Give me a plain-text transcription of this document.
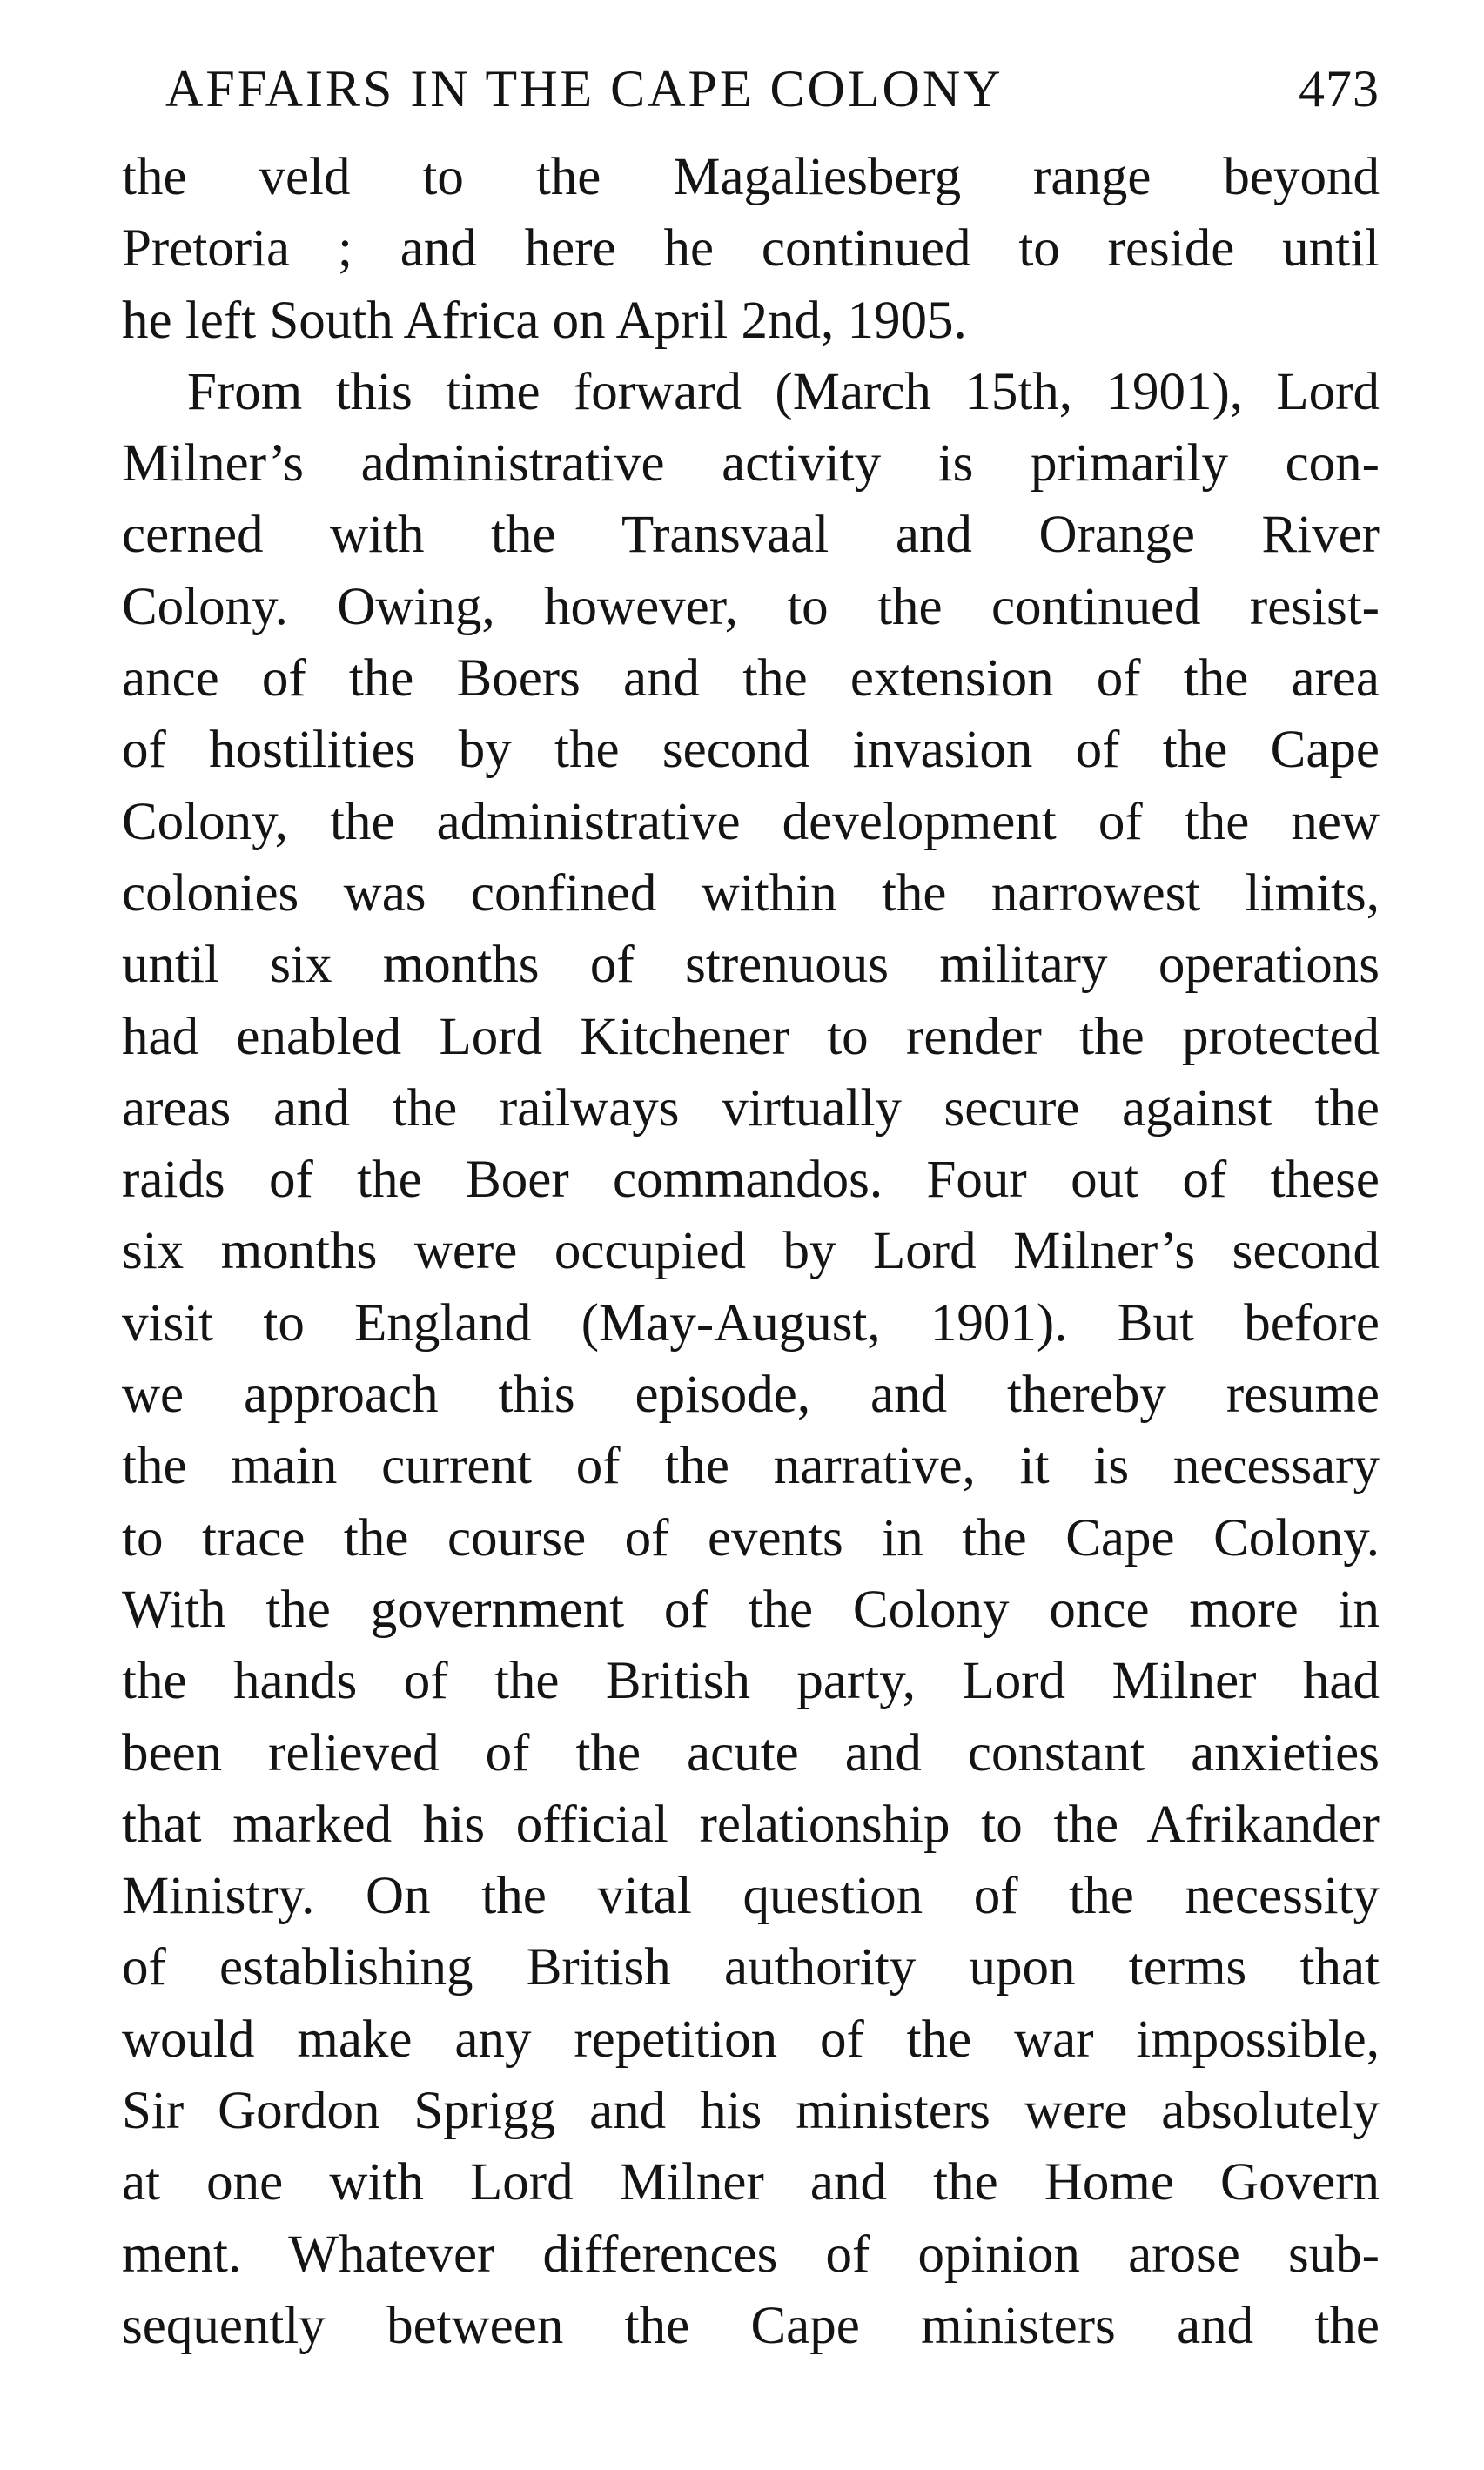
AFFAIRS IN THE CAPE COLONY	473
the veld to the Magaliesberg range beyond
Pretoria ; and here he continued to reside until
he left South Africa on April 2nd, 1905.
From this time forward (March 15th, 1901), Lord
Milner’s administrative activity is primarily con-
cerned with the Transvaal and Orange River
Colony. Owing, however, to the continued resist-
ance of the Boers and the extension of the area
of hostilities by the second invasion of the Cape
Colony, the administrative development of the new
colonies was confined within the narrowest limits,
until six months of strenuous military operations
had enabled Lord Kitchener to render the protected
areas and the railways virtually secure against the
raids of the Boer commandos. Four out of these
six months were occupied by Lord Milner’s second
visit to England (May-August, 1901). But before
we approach this episode, and thereby resume
the main current of the narrative, it is necessary
to trace the course of events in the Cape Colony.
With the government of the Colony once more in
the hands of the British party, Lord Milner had
been relieved of the acute and constant anxieties
that marked his official relationship to the Afrikander
Ministry. On the vital question of the necessity
of establishing British authority upon terms that
would make any repetition of the war impossible,
Sir Gordon Sprigg and his ministers were absolutely
at one with Lord Milner and the Home Govern
ment. Whatever differences of opinion arose sub-
sequently between the Cape ministers and the
